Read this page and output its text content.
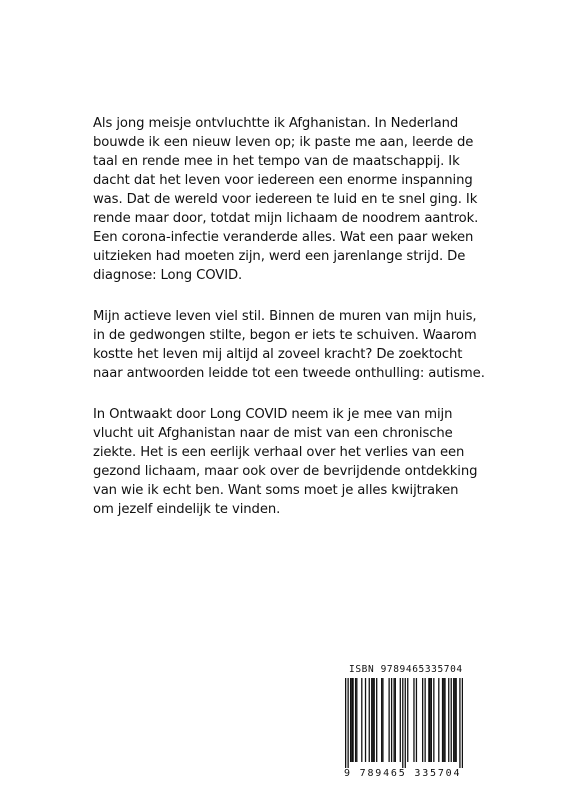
Als jong meisje ontvluchtte ik Afghanistan. In Nederland
bouwde ik een nieuw leven op; ik paste me aan, leerde de
taal en rende mee in het tempo van de maatschappij. Ik
dacht dat het leven voor iedereen een enorme inspanning
was. Dat de wereld voor iedereen te luid en te snel ging. Ik
rende maar door, totdat mijn lichaam de noodrem aantrok.
Een corona-infectie veranderde alles. Wat een paar weken
uitzieken had moeten zijn, werd een jarenlange strijd. De
diagnose: Long COVID.

Mijn actieve leven viel stil. Binnen de muren van mijn huis,
in de gedwongen stilte, begon er iets te schuiven. Waarom
kostte het leven mij altijd al zoveel kracht? De zoektocht
naar antwoorden leidde tot een tweede onthulling: autisme.

In Ontwaakt door Long COVID neem ik je mee van mijn
vlucht uit Afghanistan naar de mist van een chronische
ziekte. Het is een eerlijk verhaal over het verlies van een
gezond lichaam, maar ook over de bevrijdende ontdekking
van wie ik echt ben. Want soms moet je alles kwijtraken
om jezelf eindelijk te vinden.

ISBN 9789465335704
9 789465 335704
